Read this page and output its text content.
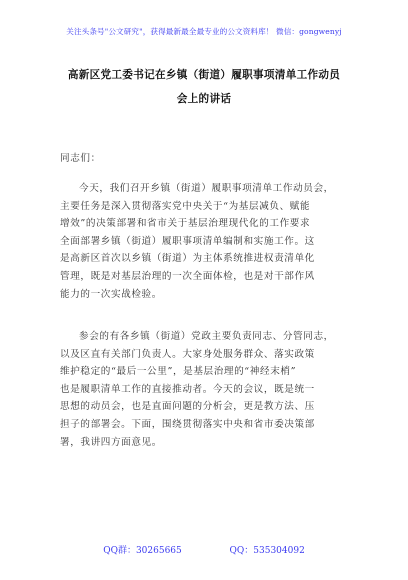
关注头条号"公文研究"，获得最新最全最专业的公文资料库！ 微信：gongwenyj
高新区党工委书记在乡镇（街道）履职事项清单工作动员
会上的讲话
同志们：
今天，我们召开乡镇（街道）履职事项清单工作动员会，
主要任务是深入贯彻落实党中央关于“为基层减负、赋能
增效”的决策部署和省市关于基层治理现代化的工作要求
全面部署乡镇（街道）履职事项清单编制和实施工作。这
是高新区首次以乡镇（街道）为主体系统推进权责清单化
管理，既是对基层治理的一次全面体检，也是对干部作风
能力的一次实战检验。
参会的有各乡镇（街道）党政主要负责同志、分管同志，
以及区直有关部门负责人。大家身处服务群众、落实政策
维护稳定的“最后一公里”，是基层治理的“神经末梢”
也是履职清单工作的直接推动者。今天的会议，既是统一
思想的动员会，也是直面问题的分析会，更是教方法、压
担子的部署会。下面，围绕贯彻落实中央和省市委决策部
署，我讲四方面意见。
QQ群：30265665	QQ：535304092
